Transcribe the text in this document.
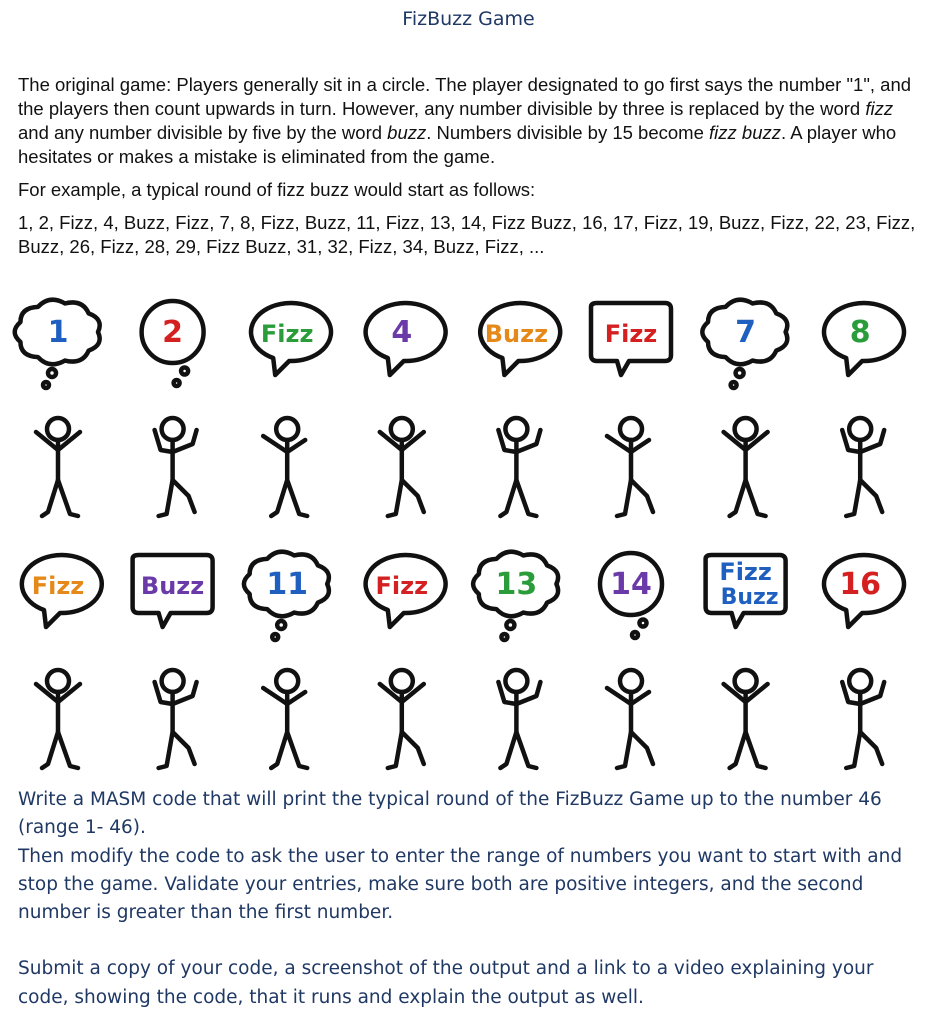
FizBuzz Game

The original game: Players generally sit in a circle. The player designated to go first says the number "1", and the players then count upwards in turn. However, any number divisible by three is replaced by the word fizz and any number divisible by five by the word buzz. Numbers divisible by 15 become fizz buzz. A player who hesitates or makes a mistake is eliminated from the game.

For example, a typical round of fizz buzz would start as follows:

1, 2, Fizz, 4, Buzz, Fizz, 7, 8, Fizz, Buzz, 11, Fizz, 13, 14, Fizz Buzz, 16, 17, Fizz, 19, Buzz, Fizz, 22, 23, Fizz, Buzz, 26, Fizz, 28, 29, Fizz Buzz, 31, 32, Fizz, 34, Buzz, Fizz, ...

1	2	Fizz	4	Buzz Fizz	7	8
Fizz Buzz 11	Fizz 13 14	Fizz
Buzz 16

Write a MASM code that will print the typical round of the FizBuzz Game up to the number 46 (range 1- 46).

Then modify the code to ask the user to enter the range of numbers you want to start with and stop the game. Validate your entries, make sure both are positive integers, and the second number is greater than the first number.

Submit a copy of your code, a screenshot of the output and a link to a video explaining your code, showing the code, that it runs and explain the output as well.
